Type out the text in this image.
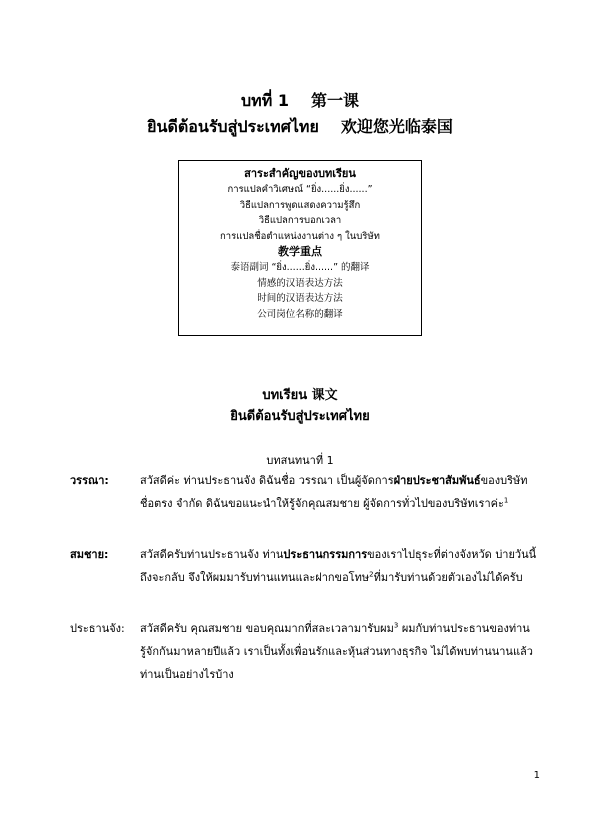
บทที่ 1 第一课
ยินดีต้อนรับสู่ประเทศไทย 欢迎您光临泰国
สาระสำคัญของบทเรียน
การแปลคำวิเศษณ์ “ยิ่ง......ยิ่ง......”
วิธีแปลการพูดแสดงความรู้สึก
วิธีแปลการบอกเวลา
การแปลชื่อตำแหน่งงานต่าง ๆ ในบริษัท
教学重点
泰语副词 “ยิ่ง......ยิ่ง......” 的翻译
情感的汉语表达方法
时间的汉语表达方法
公司岗位名称的翻译
บทเรียน 课文
ยินดีต้อนรับสู่ประเทศไทย
บทสนทนาที่ 1
วรรณา:	สวัสดีค่ะ ท่านประธานจัง ดิฉันชื่อ วรรณา เป็นผู้จัดการฝ่ายประชาสัมพันธ์ของบริษัท ชื่อตรง จำกัด ดิฉันขอแนะนำให้รู้จักคุณสมชาย ผู้จัดการทั่วไปของบริษัทเราค่ะ$^1$
สมชาย:	สวัสดีครับท่านประธานจัง ท่านประธานกรรมการของเราไปธุระที่ต่างจังหวัด บ่ายวันนี้ถึงจะกลับ จึงให้ผมมารับท่านแทนและฝากขอโทษ$^2$ที่มารับท่านด้วยตัวเองไม่ได้ครับ
ประธานจัง: สวัสดีครับ คุณสมชาย ขอบคุณมากที่สละเวลามารับผม$^3$ ผมกับท่านประธานของท่านรู้จักกันมาหลายปีแล้ว เราเป็นทั้งเพื่อนรักและหุ้นส่วนทางธุรกิจ ไม่ได้พบท่านนานแล้ว ท่านเป็นอย่างไรบ้าง
1
